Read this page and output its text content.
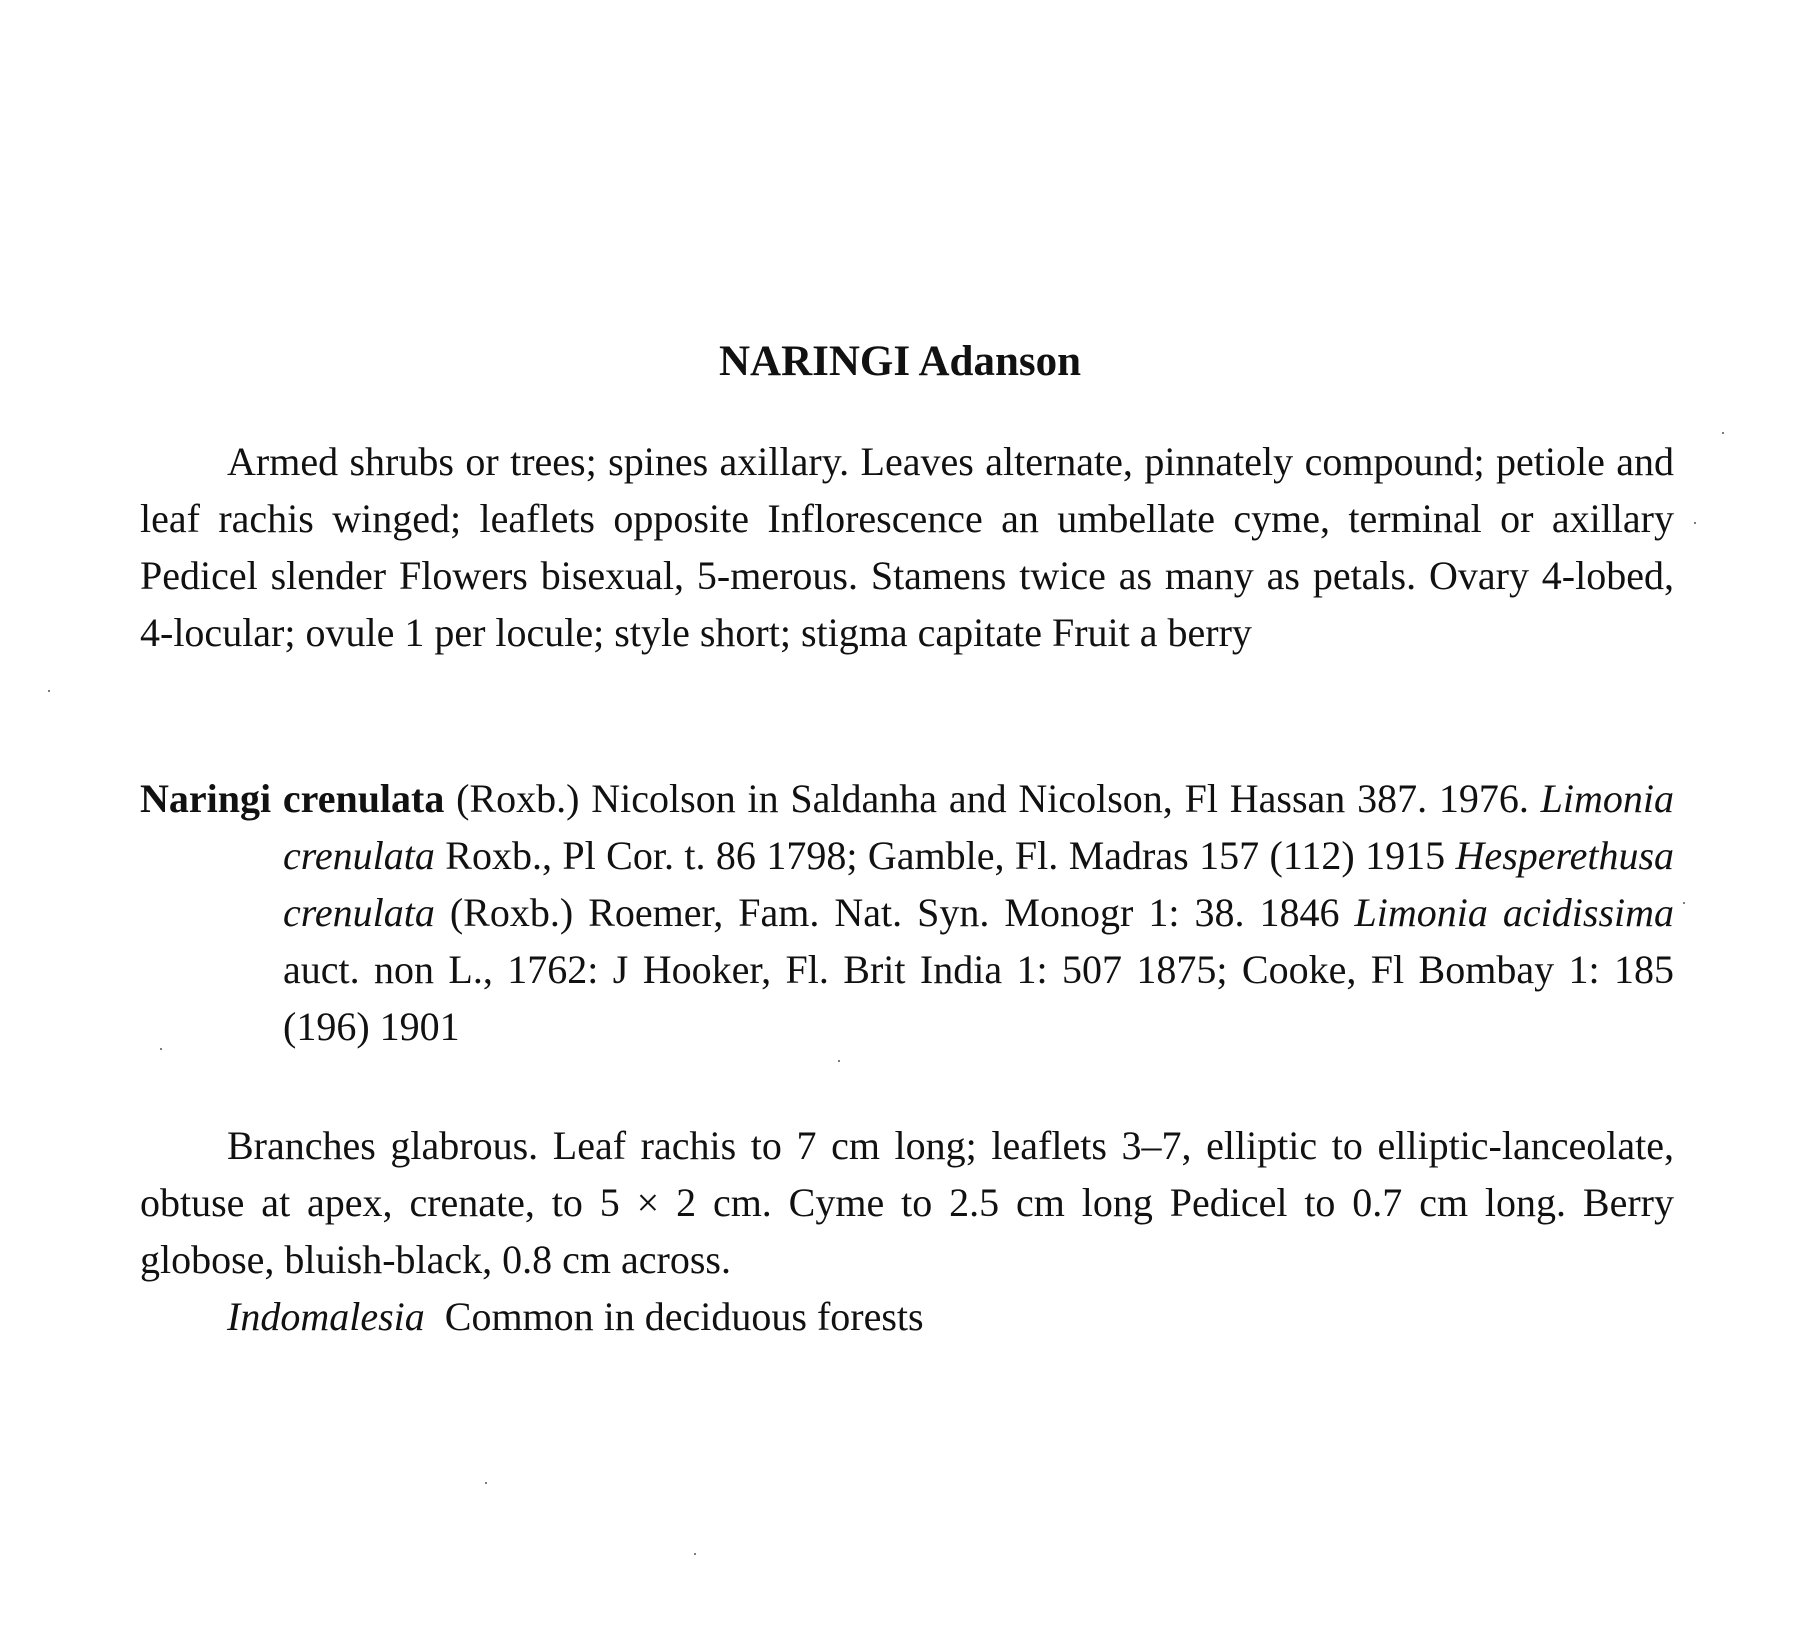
NARINGI Adanson

Armed shrubs or trees; spines axillary. Leaves alternate, pinnately compound; petiole and leaf rachis winged; leaflets opposite Inflorescence an umbellate cyme, terminal or axillary Pedicel slender Flowers bisexual, 5-merous. Stamens twice as many as petals. Ovary 4-lobed, 4-locular; ovule 1 per locule; style short; stigma capitate Fruit a berry

Naringi crenulata (Roxb.) Nicolson in Saldanha and Nicolson, Fl Hassan 387. 1976. Limonia crenulata Roxb., Pl Cor. t. 86 1798; Gamble, Fl. Madras 157 (112) 1915 Hesperethusa crenulata (Roxb.) Roemer, Fam. Nat. Syn. Monogr 1: 38. 1846 Limonia acidissima auct. non L., 1762: J Hooker, Fl. Brit India 1: 507 1875; Cooke, Fl Bombay 1: 185 (196) 1901

Branches glabrous. Leaf rachis to 7 cm long; leaflets 3–7, elliptic to elliptic-lanceolate, obtuse at apex, crenate, to 5 × 2 cm. Cyme to 2.5 cm long Pedicel to 0.7 cm long. Berry globose, bluish-black, 0.8 cm across.

Indomalesia Common in deciduous forests
